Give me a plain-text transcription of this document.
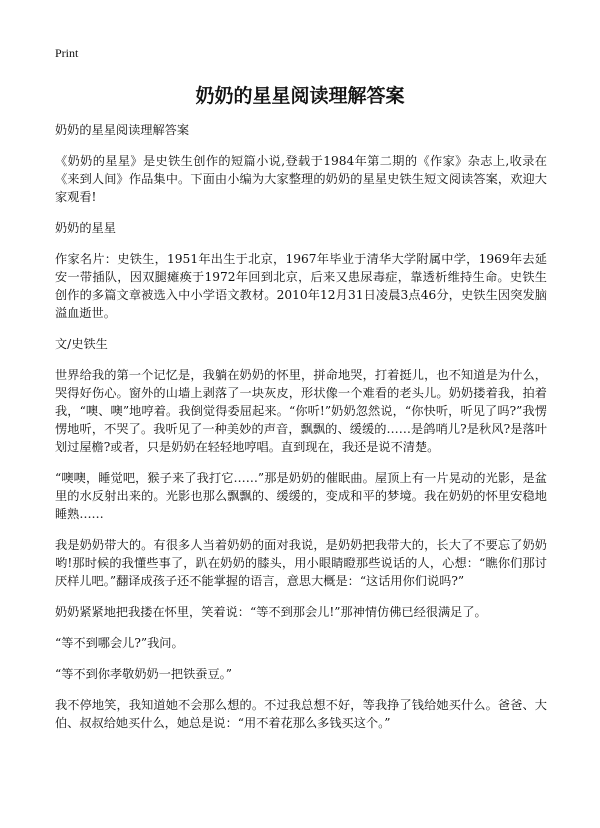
Print
奶奶的星星阅读理解答案

奶奶的星星阅读理解答案

《奶奶的星星》是史铁生创作的短篇小说,登载于1984年第二期的《作家》杂志上,收录在《来到人间》作品集中。下面由小编为大家整理的奶奶的星星史铁生短文阅读答案，欢迎大家观看!

奶奶的星星

作家名片：史铁生，1951年出生于北京，1967年毕业于清华大学附属中学，1969年去延安一带插队，因双腿瘫痪于1972年回到北京，后来又患尿毒症，靠透析维持生命。史铁生创作的多篇文章被选入中小学语文教材。2010年12月31日凌晨3点46分，史铁生因突发脑溢血逝世。

文/史铁生

世界给我的第一个记忆是，我躺在奶奶的怀里，拼命地哭，打着挺儿，也不知道是为什么，哭得好伤心。窗外的山墙上剥落了一块灰皮，形状像一个难看的老头儿。奶奶搂着我，拍着我，“噢、噢”地哼着。我倒觉得委屈起来。“你听!”奶奶忽然说，“你快听，听见了吗?”我愣愣地听，不哭了。我听见了一种美妙的声音，飘飘的、缓缓的……是鸽哨儿?是秋风?是落叶划过屋檐?或者，只是奶奶在轻轻地哼唱。直到现在，我还是说不清楚。

“噢噢，睡觉吧，猴子来了我打它……”那是奶奶的催眠曲。屋顶上有一片晃动的光影，是盆里的水反射出来的。光影也那么飘飘的、缓缓的，变成和平的梦境。我在奶奶的怀里安稳地睡熟……

我是奶奶带大的。有很多人当着奶奶的面对我说，是奶奶把我带大的，长大了不要忘了奶奶哟!那时候的我懂些事了，趴在奶奶的膝头，用小眼睛瞪那些说话的人，心想：“瞧你们那讨厌样儿吧。”翻译成孩子还不能掌握的语言，意思大概是：“这话用你们说吗?”

奶奶紧紧地把我搂在怀里，笑着说：“等不到那会儿!”那神情仿佛已经很满足了。

“等不到哪会儿?”我问。

“等不到你孝敬奶奶一把铁蚕豆。”

我不停地笑，我知道她不会那么想的。不过我总想不好，等我挣了钱给她买什么。爸爸、大伯、叔叔给她买什么，她总是说：“用不着花那么多钱买这个。”
